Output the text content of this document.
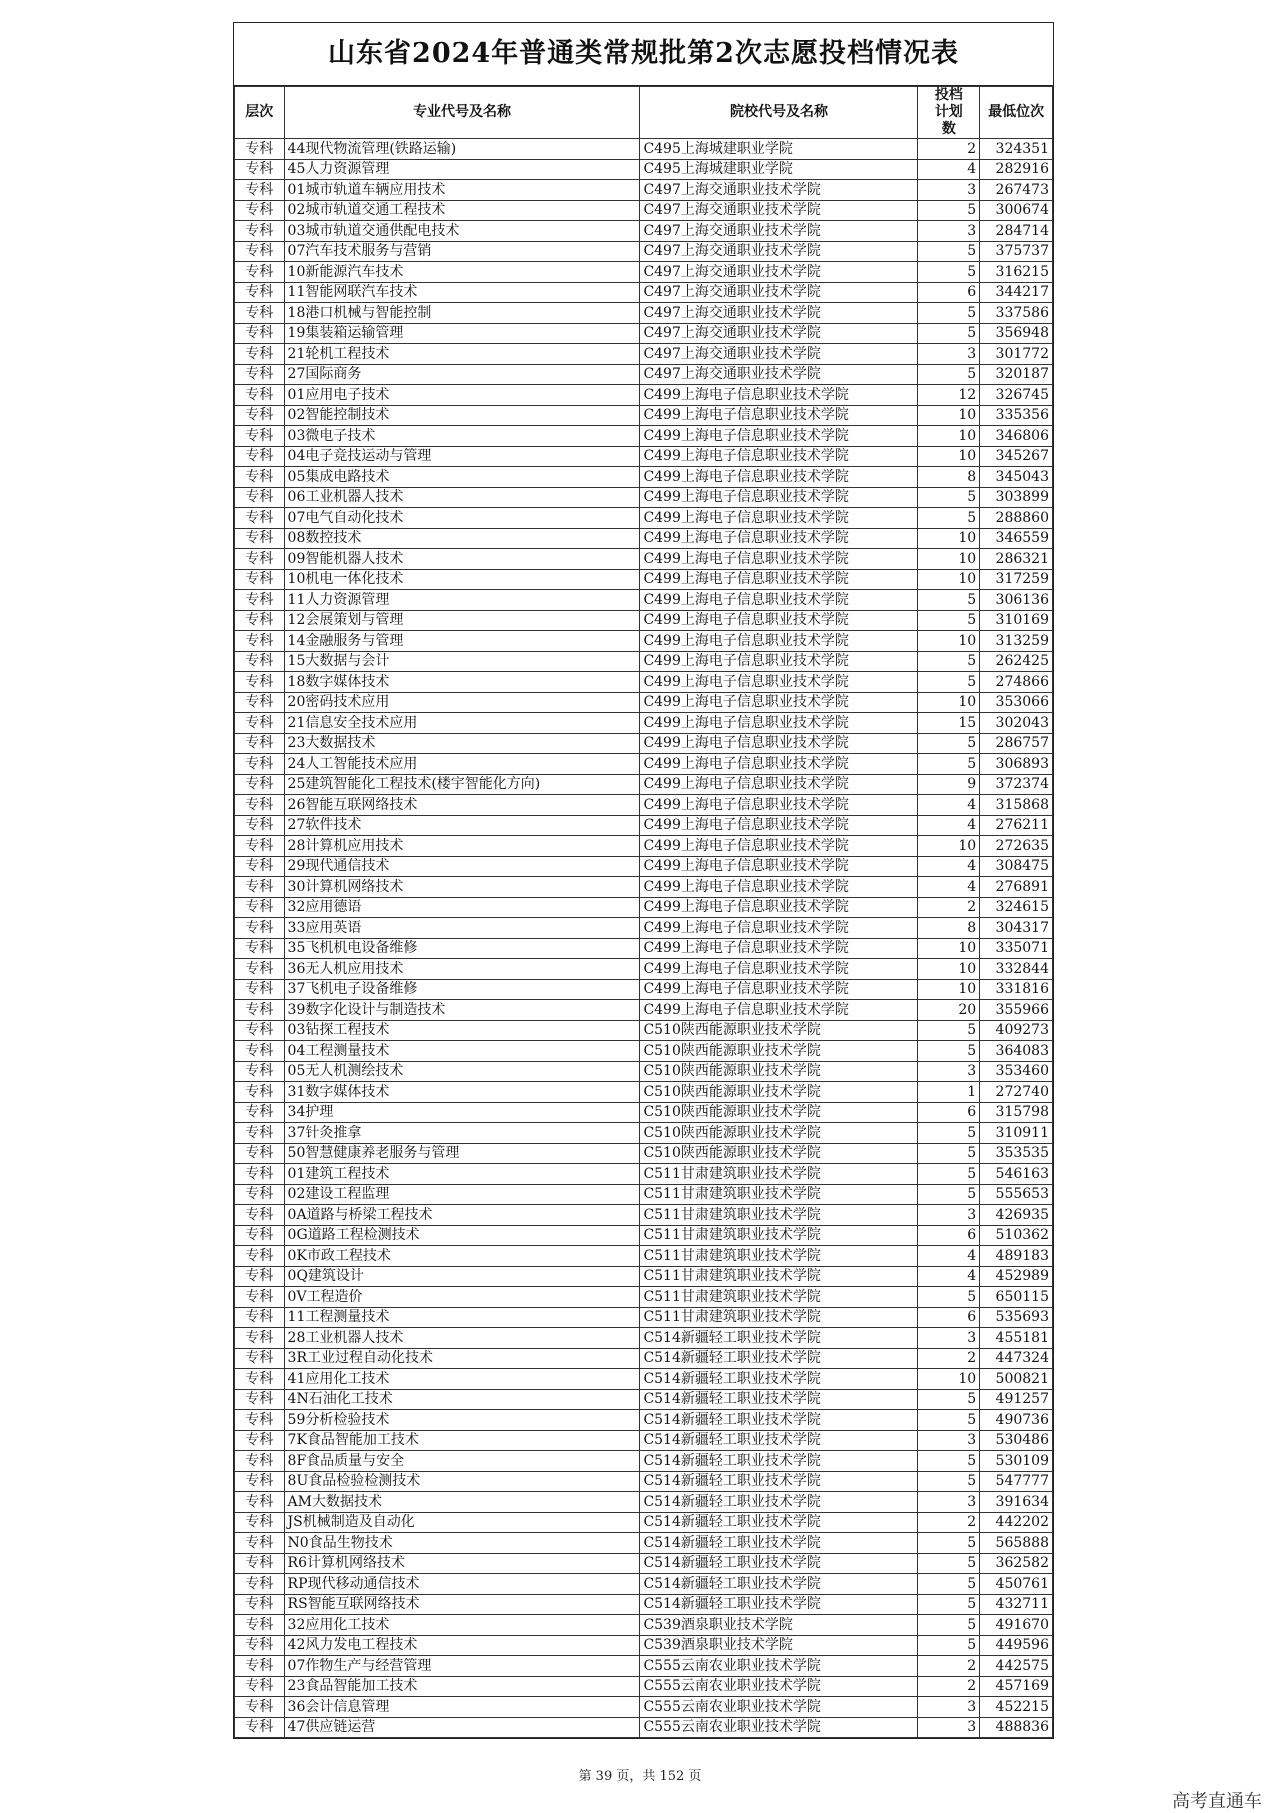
山东省2024年普通类常规批第2次志愿投档情况表
层次	专业代号及名称	院校代号及名称	投档计划数	最低位次
专科	44现代物流管理(铁路运输)	C495上海城建职业学院	2	324351
专科	45人力资源管理	C495上海城建职业学院	4	282916
专科	01城市轨道车辆应用技术	C497上海交通职业技术学院	3	267473
专科	02城市轨道交通工程技术	C497上海交通职业技术学院	5	300674
专科	03城市轨道交通供配电技术	C497上海交通职业技术学院	3	284714
专科	07汽车技术服务与营销	C497上海交通职业技术学院	5	375737
专科	10新能源汽车技术	C497上海交通职业技术学院	5	316215
专科	11智能网联汽车技术	C497上海交通职业技术学院	6	344217
专科	18港口机械与智能控制	C497上海交通职业技术学院	5	337586
专科	19集装箱运输管理	C497上海交通职业技术学院	5	356948
专科	21轮机工程技术	C497上海交通职业技术学院	3	301772
专科	27国际商务	C497上海交通职业技术学院	5	320187
专科	01应用电子技术	C499上海电子信息职业技术学院	12	326745
专科	02智能控制技术	C499上海电子信息职业技术学院	10	335356
专科	03微电子技术	C499上海电子信息职业技术学院	10	346806
专科	04电子竞技运动与管理	C499上海电子信息职业技术学院	10	345267
专科	05集成电路技术	C499上海电子信息职业技术学院	8	345043
专科	06工业机器人技术	C499上海电子信息职业技术学院	5	303899
专科	07电气自动化技术	C499上海电子信息职业技术学院	5	288860
专科	08数控技术	C499上海电子信息职业技术学院	10	346559
专科	09智能机器人技术	C499上海电子信息职业技术学院	10	286321
专科	10机电一体化技术	C499上海电子信息职业技术学院	10	317259
专科	11人力资源管理	C499上海电子信息职业技术学院	5	306136
专科	12会展策划与管理	C499上海电子信息职业技术学院	5	310169
专科	14金融服务与管理	C499上海电子信息职业技术学院	10	313259
专科	15大数据与会计	C499上海电子信息职业技术学院	5	262425
专科	18数字媒体技术	C499上海电子信息职业技术学院	5	274866
专科	20密码技术应用	C499上海电子信息职业技术学院	10	353066
专科	21信息安全技术应用	C499上海电子信息职业技术学院	15	302043
专科	23大数据技术	C499上海电子信息职业技术学院	5	286757
专科	24人工智能技术应用	C499上海电子信息职业技术学院	5	306893
专科	25建筑智能化工程技术(楼宇智能化方向)	C499上海电子信息职业技术学院	9	372374
专科	26智能互联网络技术	C499上海电子信息职业技术学院	4	315868
专科	27软件技术	C499上海电子信息职业技术学院	4	276211
专科	28计算机应用技术	C499上海电子信息职业技术学院	10	272635
专科	29现代通信技术	C499上海电子信息职业技术学院	4	308475
专科	30计算机网络技术	C499上海电子信息职业技术学院	4	276891
专科	32应用德语	C499上海电子信息职业技术学院	2	324615
专科	33应用英语	C499上海电子信息职业技术学院	8	304317
专科	35飞机机电设备维修	C499上海电子信息职业技术学院	10	335071
专科	36无人机应用技术	C499上海电子信息职业技术学院	10	332844
专科	37飞机电子设备维修	C499上海电子信息职业技术学院	10	331816
专科	39数字化设计与制造技术	C499上海电子信息职业技术学院	20	355966
专科	03钻探工程技术	C510陕西能源职业技术学院	5	409273
专科	04工程测量技术	C510陕西能源职业技术学院	5	364083
专科	05无人机测绘技术	C510陕西能源职业技术学院	3	353460
专科	31数字媒体技术	C510陕西能源职业技术学院	1	272740
专科	34护理	C510陕西能源职业技术学院	6	315798
专科	37针灸推拿	C510陕西能源职业技术学院	5	310911
专科	50智慧健康养老服务与管理	C510陕西能源职业技术学院	5	353535
专科	01建筑工程技术	C511甘肃建筑职业技术学院	5	546163
专科	02建设工程监理	C511甘肃建筑职业技术学院	5	555653
专科	0A道路与桥梁工程技术	C511甘肃建筑职业技术学院	3	426935
专科	0G道路工程检测技术	C511甘肃建筑职业技术学院	6	510362
专科	0K市政工程技术	C511甘肃建筑职业技术学院	4	489183
专科	0Q建筑设计	C511甘肃建筑职业技术学院	4	452989
专科	0V工程造价	C511甘肃建筑职业技术学院	5	650115
专科	11工程测量技术	C511甘肃建筑职业技术学院	6	535693
专科	28工业机器人技术	C514新疆轻工职业技术学院	3	455181
专科	3R工业过程自动化技术	C514新疆轻工职业技术学院	2	447324
专科	41应用化工技术	C514新疆轻工职业技术学院	10	500821
专科	4N石油化工技术	C514新疆轻工职业技术学院	5	491257
专科	59分析检验技术	C514新疆轻工职业技术学院	5	490736
专科	7K食品智能加工技术	C514新疆轻工职业技术学院	3	530486
专科	8F食品质量与安全	C514新疆轻工职业技术学院	5	530109
专科	8U食品检验检测技术	C514新疆轻工职业技术学院	5	547777
专科	AM大数据技术	C514新疆轻工职业技术学院	3	391634
专科	JS机械制造及自动化	C514新疆轻工职业技术学院	2	442202
专科	N0食品生物技术	C514新疆轻工职业技术学院	5	565888
专科	R6计算机网络技术	C514新疆轻工职业技术学院	5	362582
专科	RP现代移动通信技术	C514新疆轻工职业技术学院	5	450761
专科	RS智能互联网络技术	C514新疆轻工职业技术学院	5	432711
专科	32应用化工技术	C539酒泉职业技术学院	5	491670
专科	42风力发电工程技术	C539酒泉职业技术学院	5	449596
专科	07作物生产与经营管理	C555云南农业职业技术学院	2	442575
专科	23食品智能加工技术	C555云南农业职业技术学院	2	457169
专科	36会计信息管理	C555云南农业职业技术学院	3	452215
专科	47供应链运营	C555云南农业职业技术学院	3	488836
第 39 页，共 152 页
高考直通车
